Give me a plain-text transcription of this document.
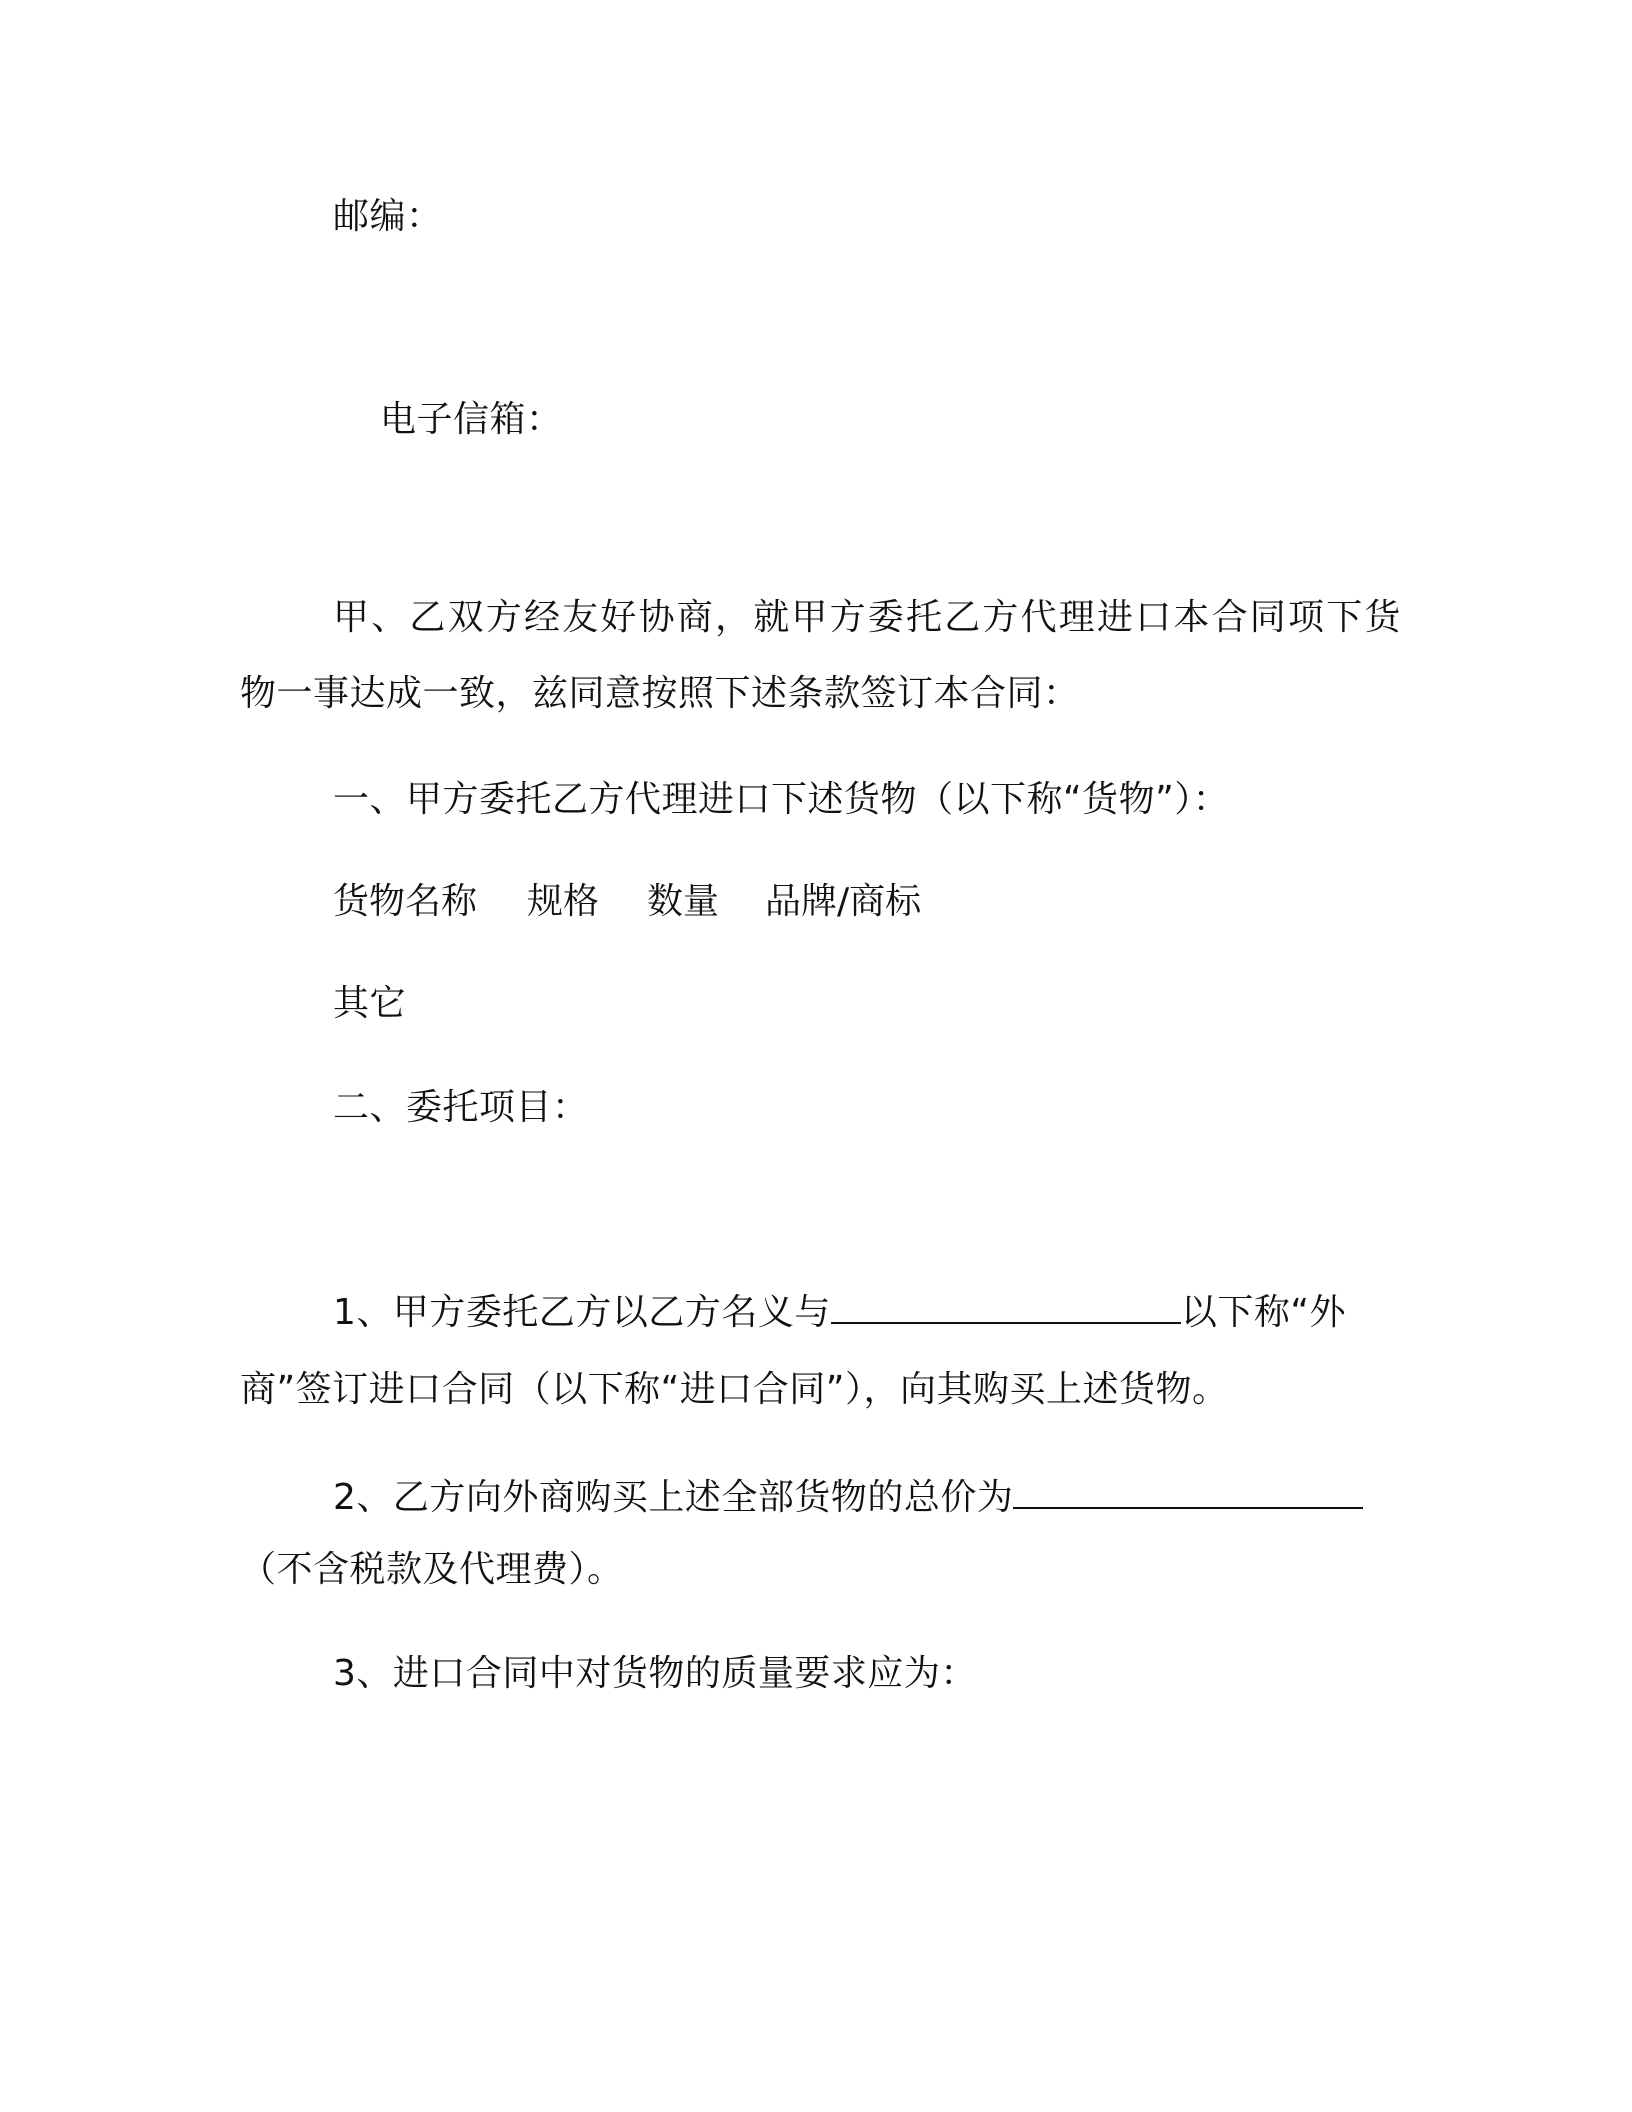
邮编：
电子信箱：
甲、乙双方经友好协商，就甲方委托乙方代理进口本合同项下货
物一事达成一致，兹同意按照下述条款签订本合同：
一、甲方委托乙方代理进口下述货物（以下称“货物”）：
货物名称 规格 数量 品牌/商标
其它
二、委托项目：
1、甲方委托乙方以乙方名义与	以下称“外
商”签订进口合同（以下称“进口合同”），向其购买上述货物。
2、乙方向外商购买上述全部货物的总价为
（不含税款及代理费）。
3、进口合同中对货物的质量要求应为：
